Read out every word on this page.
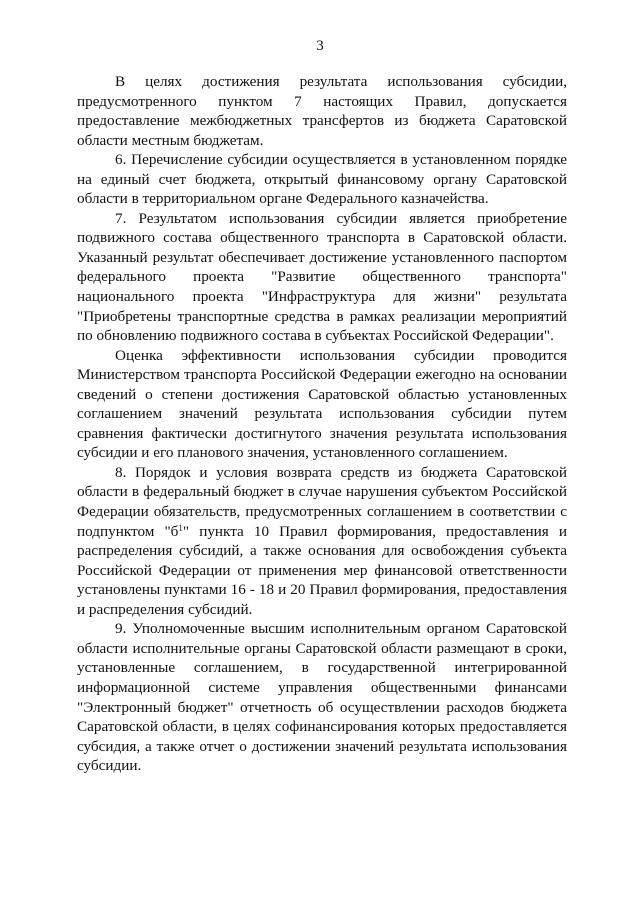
3

В целях достижения результата использования субсидии, предусмотренного пунктом 7 настоящих Правил, допускается предоставление межбюджетных трансфертов из бюджета Саратовской области местным бюджетам.

6. Перечисление субсидии осуществляется в установленном порядке на единый счет бюджета, открытый финансовому органу Саратовской области в территориальном органе Федерального казначейства.

7. Результатом использования субсидии является приобретение подвижного состава общественного транспорта в Саратовской области. Указанный результат обеспечивает достижение установленного паспортом федерального проекта "Развитие общественного транспорта" национального проекта "Инфраструктура для жизни" результата "Приобретены транспортные средства в рамках реализации мероприятий по обновлению подвижного состава в субъектах Российской Федерации".

Оценка эффективности использования субсидии проводится Министерством транспорта Российской Федерации ежегодно на основании сведений о степени достижения Саратовской областью установленных соглашением значений результата использования субсидии путем сравнения фактически достигнутого значения результата использования субсидии и его планового значения, установленного соглашением.

8. Порядок и условия возврата средств из бюджета Саратовской области в федеральный бюджет в случае нарушения субъектом Российской Федерации обязательств, предусмотренных соглашением в соответствии с подпунктом "$б^1$" пункта 10 Правил формирования, предоставления и распределения субсидий, а также основания для освобождения субъекта Российской Федерации от применения мер финансовой ответственности установлены пунктами 16 - 18 и 20 Правил формирования, предоставления и распределения субсидий.

9. Уполномоченные высшим исполнительным органом Саратовской области исполнительные органы Саратовской области размещают в сроки, установленные соглашением, в государственной интегрированной информационной системе управления общественными финансами "Электронный бюджет" отчетность об осуществлении расходов бюджета Саратовской области, в целях софинансирования которых предоставляется субсидия, а также отчет о достижении значений результата использования субсидии.
